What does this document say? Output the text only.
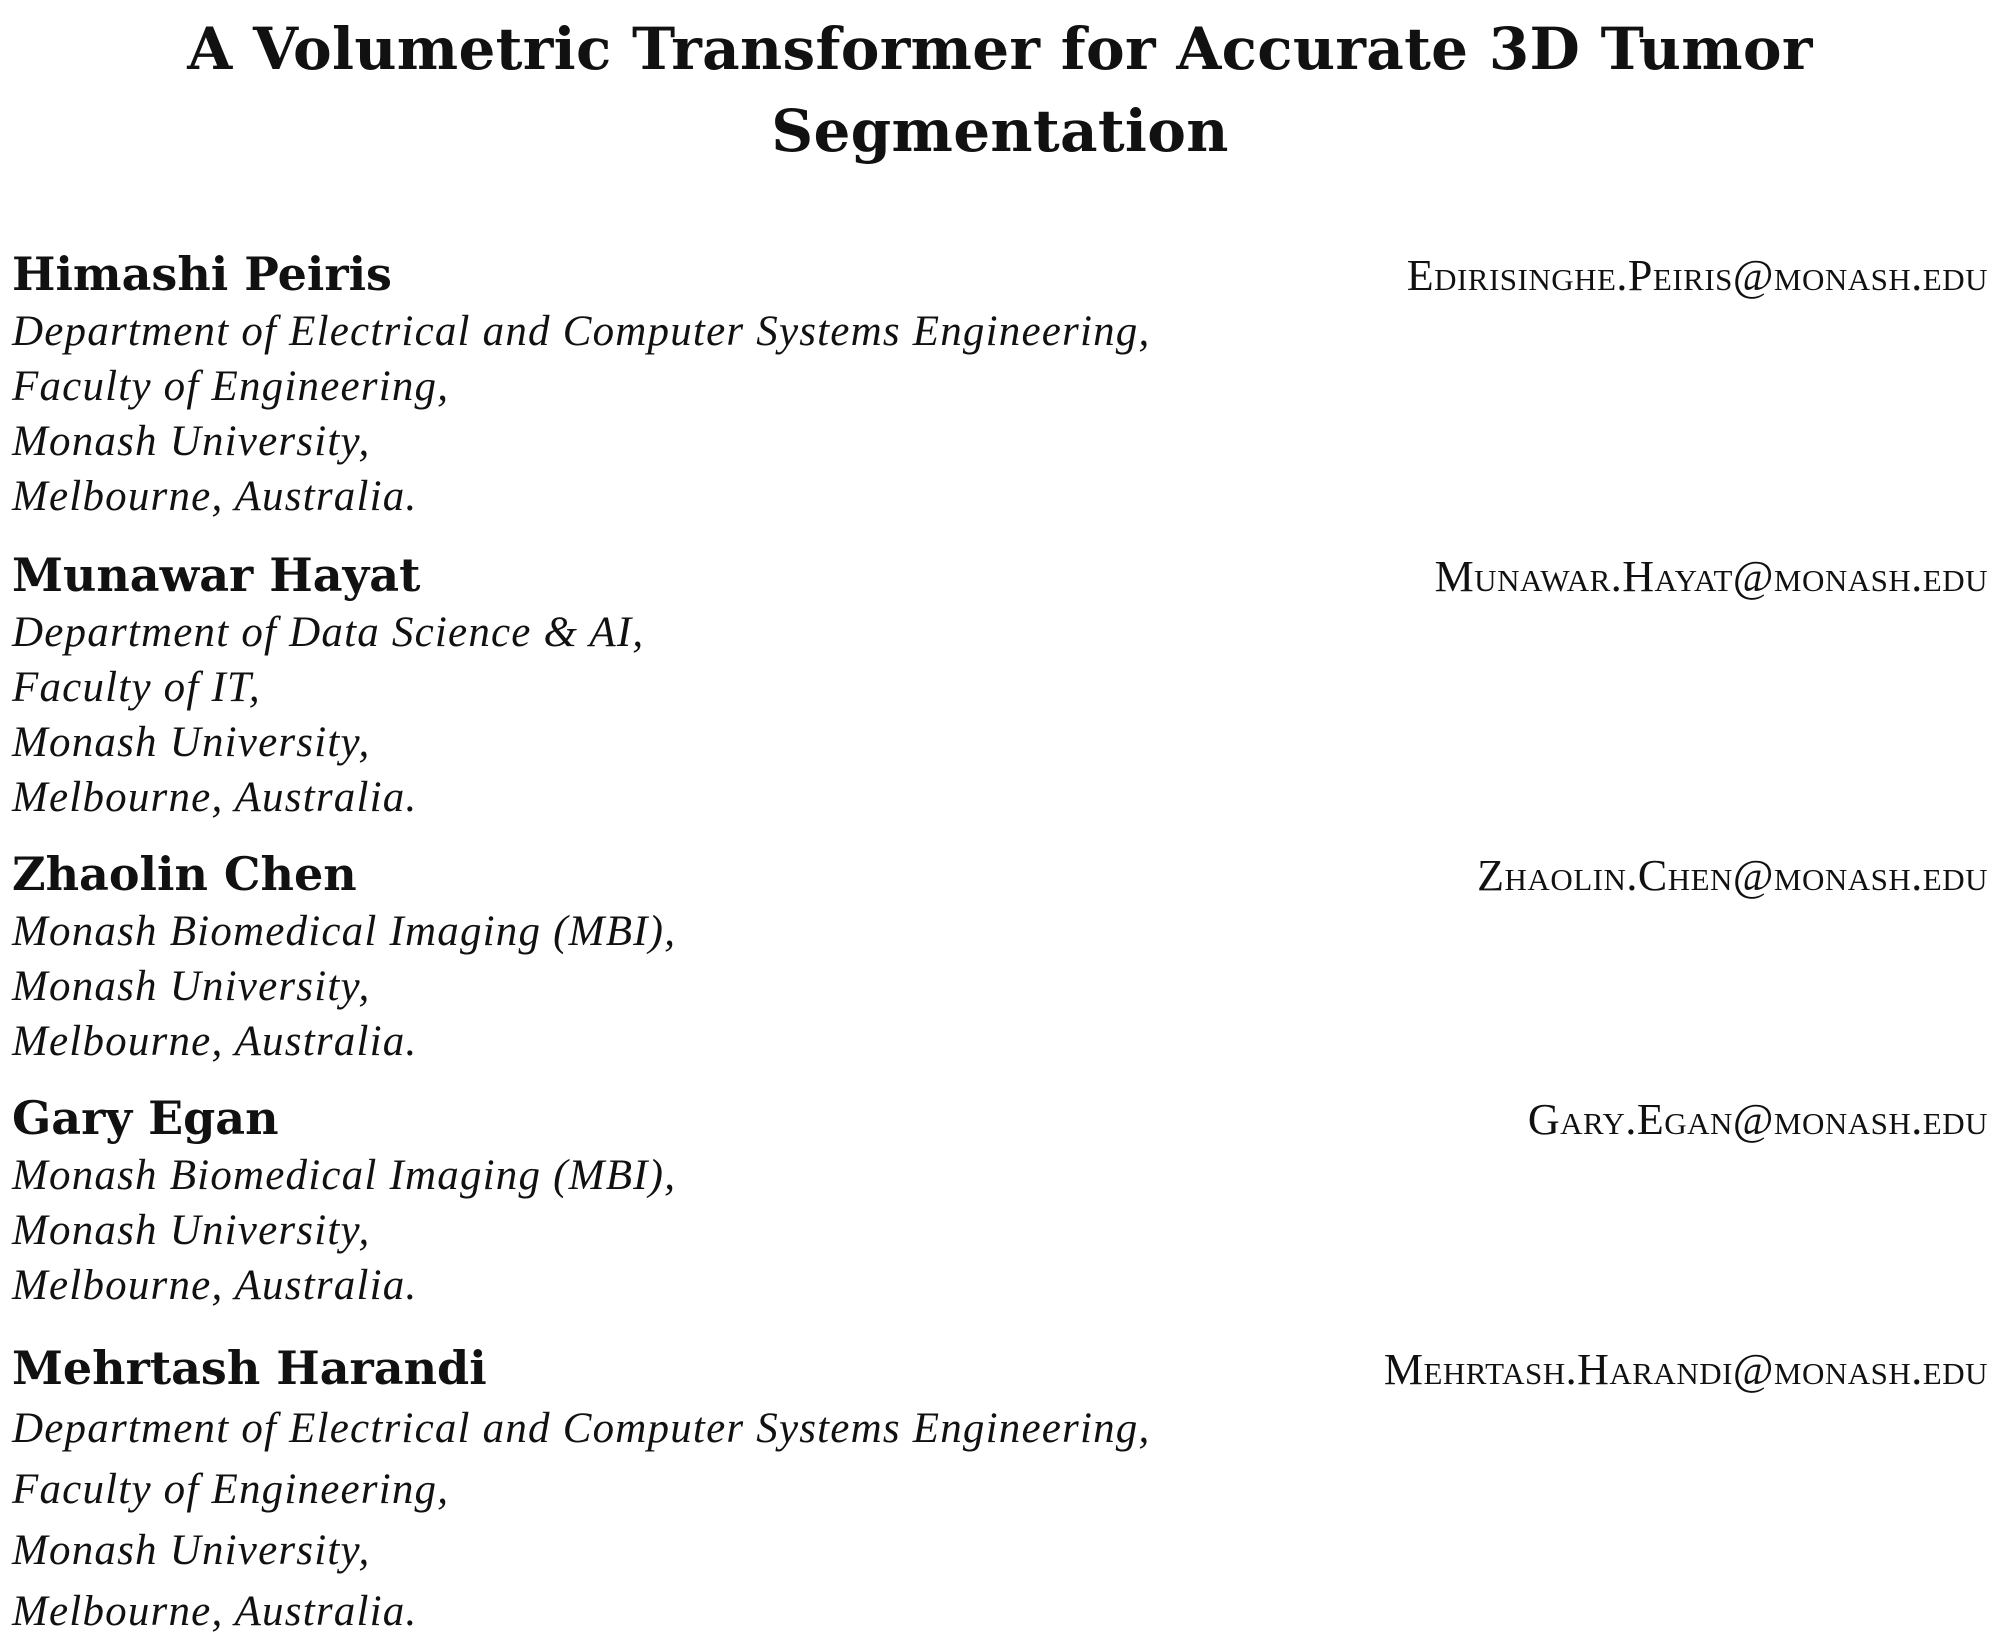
A Volumetric Transformer for Accurate 3D Tumor
Segmentation
Himashi Peiris	Edirisinghe.Peiris@monash.edu
Department of Electrical and Computer Systems Engineering,
Faculty of Engineering,
Monash University,
Melbourne, Australia.
Munawar Hayat	Munawar.Hayat@monash.edu
Department of Data Science & AI,
Faculty of IT,
Monash University,
Melbourne, Australia.
Zhaolin Chen	Zhaolin.Chen@monash.edu
Monash Biomedical Imaging (MBI),
Monash University,
Melbourne, Australia.
Gary Egan	Gary.Egan@monash.edu
Monash Biomedical Imaging (MBI),
Monash University,
Melbourne, Australia.
Mehrtash Harandi	Mehrtash.Harandi@monash.edu
Department of Electrical and Computer Systems Engineering,
Faculty of Engineering,
Monash University,
Melbourne, Australia.
